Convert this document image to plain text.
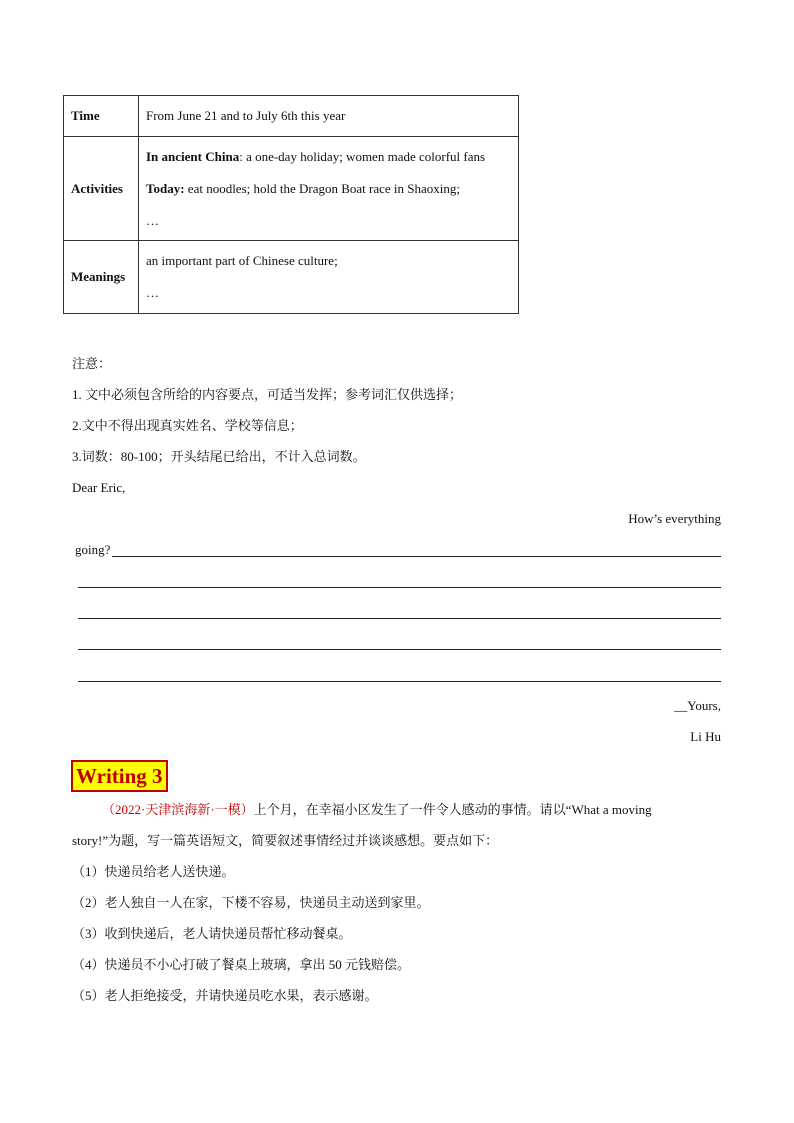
Time	From June 21 and to July 6th this year

Activities	In ancient China: a one-day holiday; women made colorful fans
Today: eat noodles; hold the Dragon Boat race in Shaoxing;
…

Meanings	an important part of Chinese culture;
…
注意：
1. 文中必须包含所给的内容要点，可适当发挥；参考词汇仅供选择；
2.文中不得出现真实姓名、学校等信息；
3.词数：80-100；开头结尾已给出，不计入总词数。
Dear Eric,
How’s everything
going?
__Yours,
Li Hu
Writing 3
（2022·天津滨海新·一模）上个月，在幸福小区发生了一件令人感动的事情。请以“What a moving
story!”为题，写一篇英语短文，简要叙述事情经过并谈谈感想。要点如下：
（1）快递员给老人送快递。
（2）老人独自一人在家，下楼不容易，快递员主动送到家里。
（3）收到快递后，老人请快递员帮忙移动餐桌。
（4）快递员不小心打破了餐桌上玻璃，拿出 50 元钱赔偿。
（5）老人拒绝接受，并请快递员吃水果，表示感谢。
